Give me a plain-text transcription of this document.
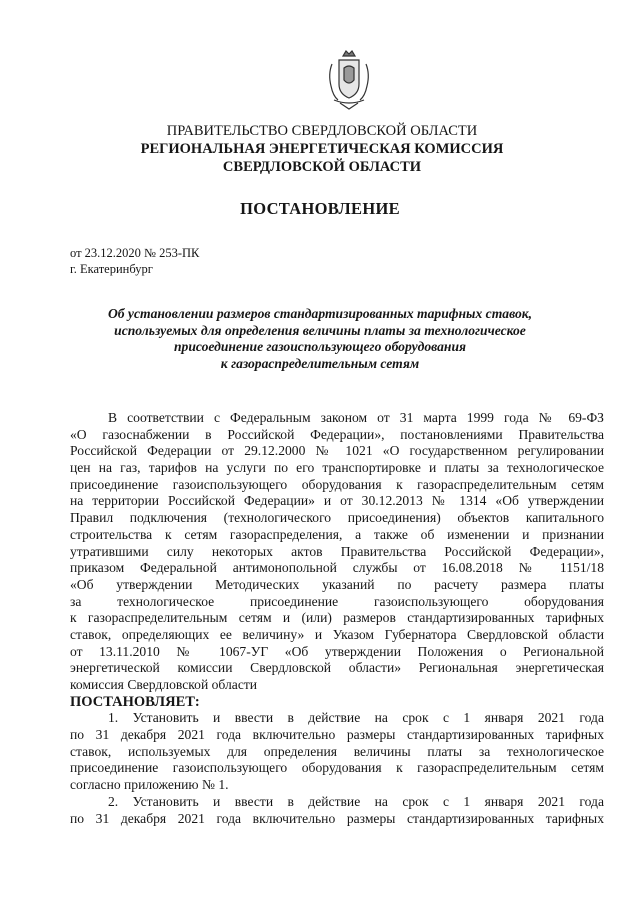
ПРАВИТЕЛЬСТВО СВЕРДЛОВСКОЙ ОБЛАСТИ
РЕГИОНАЛЬНАЯ ЭНЕРГЕТИЧЕСКАЯ КОМИССИЯ
СВЕРДЛОВСКОЙ ОБЛАСТИ
ПОСТАНОВЛЕНИЕ
от 23.12.2020 № 253-ПК
г. Екатеринбург
Об установлении размеров стандартизированных тарифных ставок,
используемых для определения величины платы за технологическое
присоединение газоиспользующего оборудования
к газораспределительным сетям
В соответствии с Федеральным законом от 31 марта 1999 года № 69-ФЗ
«О газоснабжении в Российской Федерации», постановлениями Правительства
Российской Федерации от 29.12.2000 № 1021 «О государственном регулировании
цен на газ, тарифов на услуги по его транспортировке и платы за технологическое
присоединение газоиспользующего оборудования к газораспределительным сетям
на территории Российской Федерации» и от 30.12.2013 № 1314 «Об утверждении
Правил подключения (технологического присоединения) объектов капитального
строительства к сетям газораспределения, а также об изменении и признании
утратившими силу некоторых актов Правительства Российской Федерации»,
приказом Федеральной антимонопольной службы от 16.08.2018 № 1151/18
«Об утверждении Методических указаний по расчету размера платы
за технологическое присоединение газоиспользующего оборудования
к газораспределительным сетям и (или) размеров стандартизированных тарифных
ставок, определяющих ее величину» и Указом Губернатора Свердловской области
от 13.11.2010 № 1067-УГ «Об утверждении Положения о Региональной
энергетической комиссии Свердловской области» Региональная энергетическая
комиссия Свердловской области
ПОСТАНОВЛЯЕТ:
1. Установить и ввести в действие на срок с 1 января 2021 года
по 31 декабря 2021 года включительно размеры стандартизированных тарифных
ставок, используемых для определения величины платы за технологическое
присоединение газоиспользующего оборудования к газораспределительным сетям
согласно приложению № 1.
2. Установить и ввести в действие на срок с 1 января 2021 года
по 31 декабря 2021 года включительно размеры стандартизированных тарифных
